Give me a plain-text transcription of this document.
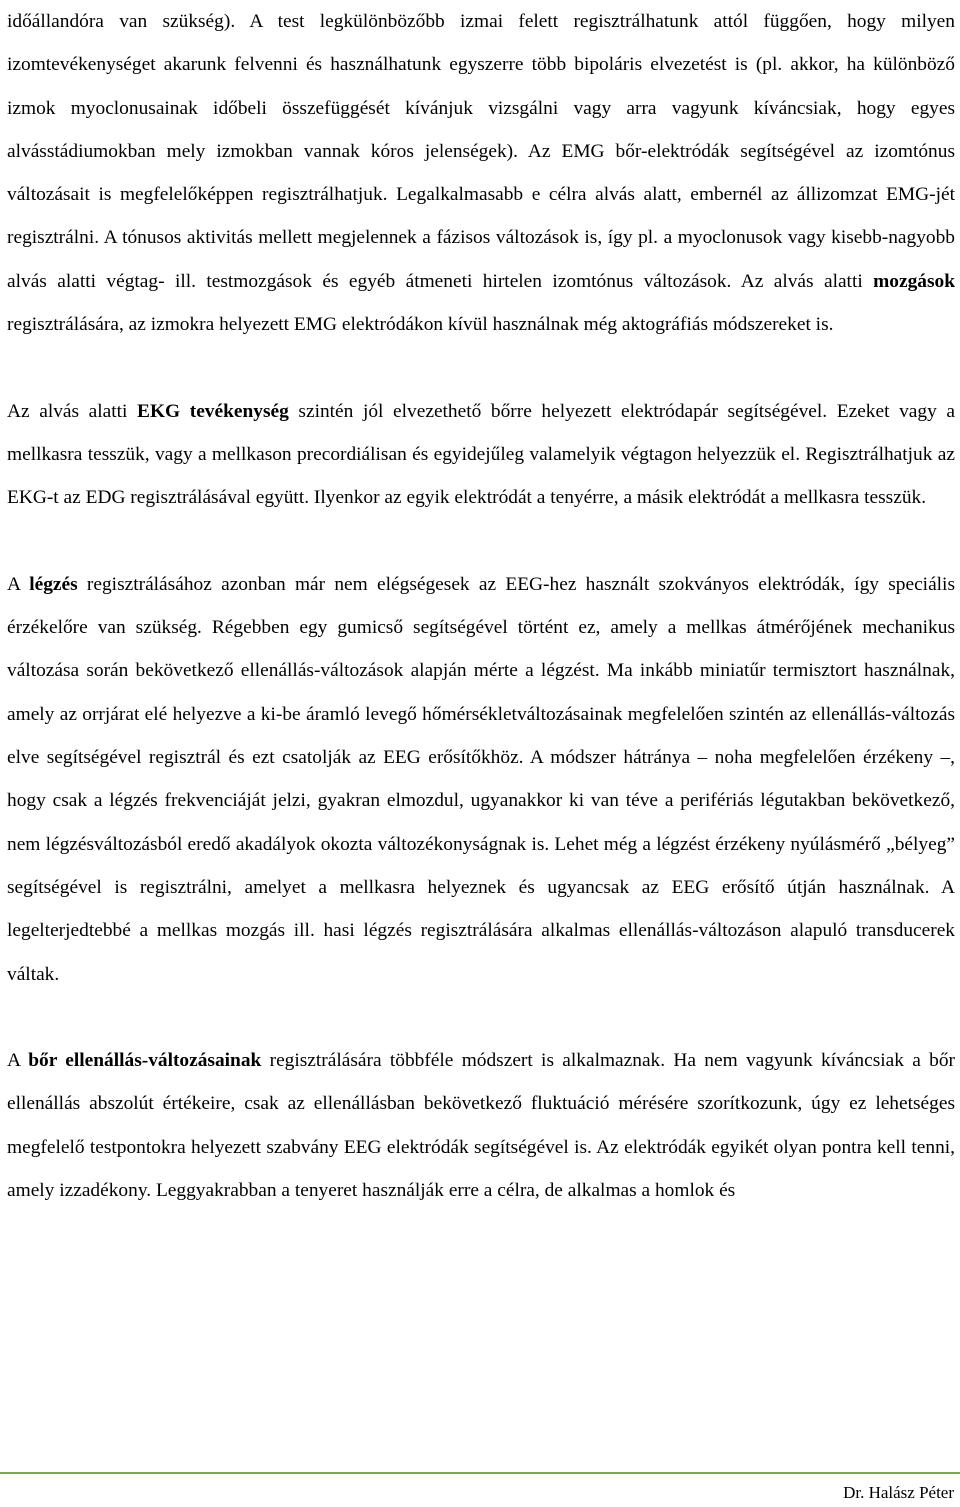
időállandóra van szükség). A test legkülönbözőbb izmai felett regisztrálhatunk attól függően, hogy milyen izomtevékenységet akarunk felvenni és használhatunk egyszerre több bipoláris elvezetést is (pl. akkor, ha különböző izmok myoclonusainak időbeli összefüggését kívánjuk vizsgálni vagy arra vagyunk kíváncsiak, hogy egyes alvásstádiumokban mely izmokban vannak kóros jelenségek). Az EMG bőr-elektródák segítségével az izomtónus változásait is megfelelőképpen regisztrálhatjuk. Legalkalmasabb e célra alvás alatt, embernél az állizomzat EMG-jét regisztrálni. A tónusos aktivitás mellett megjelennek a fázisos változások is, így pl. a myoclonusok vagy kisebb-nagyobb alvás alatti végtag- ill. testmozgások és egyéb átmeneti hirtelen izomtónus változások. Az alvás alatti mozgások regisztrálására, az izmokra helyezett EMG elektródákon kívül használnak még aktográfiás módszereket is.

Az alvás alatti EKG tevékenység szintén jól elvezethető bőrre helyezett elektródapár segítségével. Ezeket vagy a mellkasra tesszük, vagy a mellkason precordiálisan és egyidejűleg valamelyik végtagon helyezzük el. Regisztrálhatjuk az EKG-t az EDG regisztrálásával együtt. Ilyenkor az egyik elektródát a tenyérre, a másik elektródát a mellkasra tesszük.

A légzés regisztrálásához azonban már nem elégségesek az EEG-hez használt szokványos elektródák, így speciális érzékelőre van szükség. Régebben egy gumicső segítségével történt ez, amely a mellkas átmérőjének mechanikus változása során bekövetkező ellenállás-változások alapján mérte a légzést. Ma inkább miniatűr termisztort használnak, amely az orrjárat elé helyezve a ki-be áramló levegő hőmérsékletváltozásainak megfelelően szintén az ellenállás-változás elve segítségével regisztrál és ezt csatolják az EEG erősítőkhöz. A módszer hátránya – noha megfelelően érzékeny –, hogy csak a légzés frekvenciáját jelzi, gyakran elmozdul, ugyanakkor ki van téve a perifériás légutakban bekövetkező, nem légzésváltozásból eredő akadályok okozta változékonyságnak is. Lehet még a légzést érzékeny nyúlásmérő „bélyeg” segítségével is regisztrálni, amelyet a mellkasra helyeznek és ugyancsak az EEG erősítő útján használnak. A legelterjedtebbé a mellkas mozgás ill. hasi légzés regisztrálására alkalmas ellenállás-változáson alapuló transducerek váltak.

A bőr ellenállás-változásainak regisztrálására többféle módszert is alkalmaznak. Ha nem vagyunk kíváncsiak a bőr ellenállás abszolút értékeire, csak az ellenállásban bekövetkező fluktuáció mérésére szorítkozunk, úgy ez lehetséges megfelelő testpontokra helyezett szabvány EEG elektródák segítségével is. Az elektródák egyikét olyan pontra kell tenni, amely izzadékony. Leggyakrabban a tenyeret használják erre a célra, de alkalmas a homlok és

Dr. Halász Péter
